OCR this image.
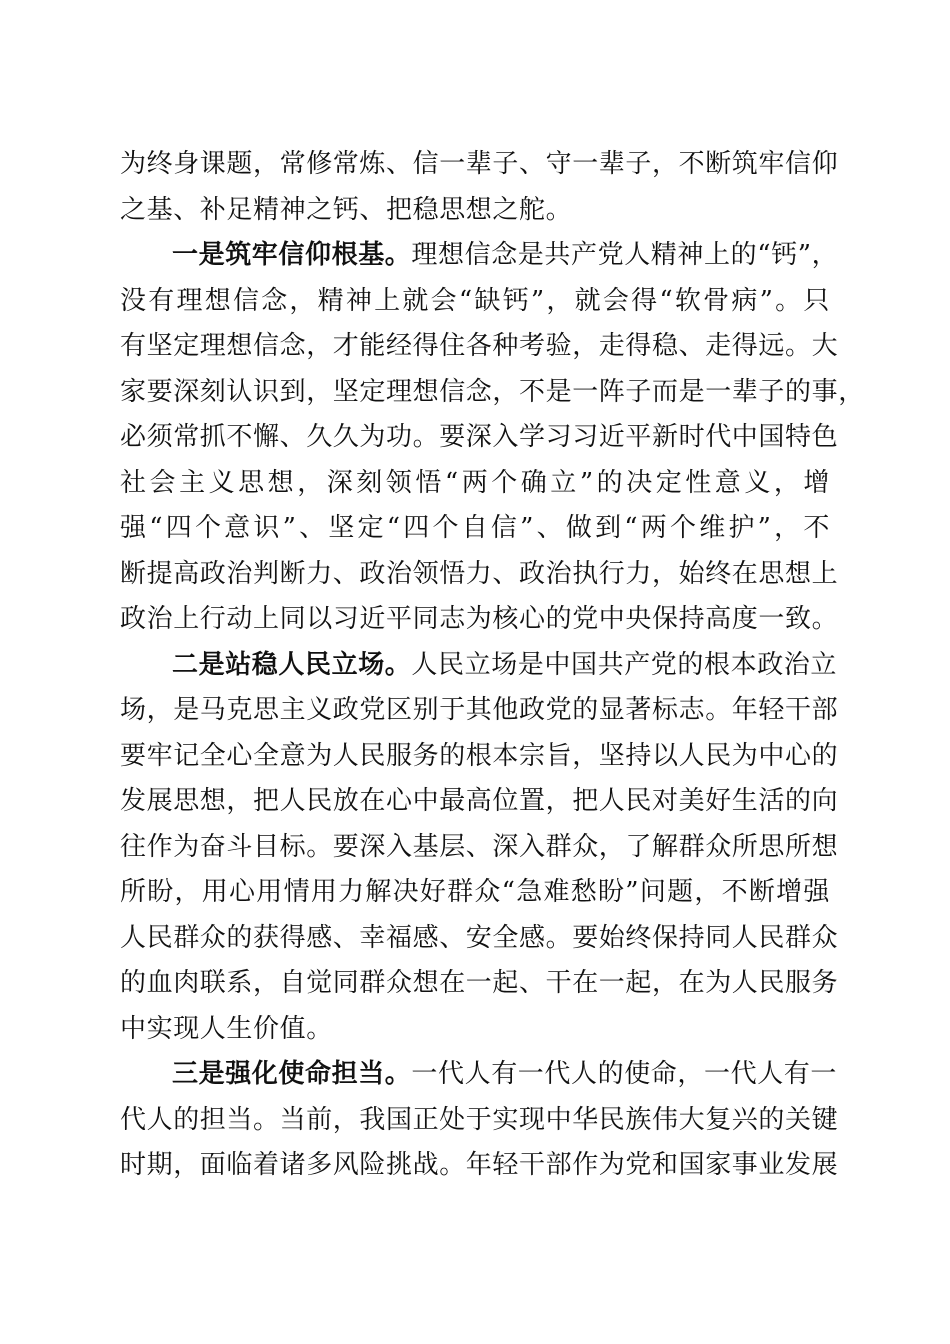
为终身课题，常修常炼、信一辈子、守一辈子，不断筑牢信仰
之基、补足精神之钙、把稳思想之舵。
一是筑牢信仰根基。理想信念是共产党人精神上的“钙”，
没有理想信念，精神上就会“缺钙”，就会得“软骨病”。只
有坚定理想信念，才能经得住各种考验，走得稳、走得远。大
家要深刻认识到，坚定理想信念，不是一阵子而是一辈子的事，
必须常抓不懈、久久为功。要深入学习习近平新时代中国特色
社会主义思想，深刻领悟“两个确立”的决定性意义，增
强“四个意识”、坚定“四个自信”、做到“两个维护”，不
断提高政治判断力、政治领悟力、政治执行力，始终在思想上
政治上行动上同以习近平同志为核心的党中央保持高度一致。
二是站稳人民立场。人民立场是中国共产党的根本政治立
场，是马克思主义政党区别于其他政党的显著标志。年轻干部
要牢记全心全意为人民服务的根本宗旨，坚持以人民为中心的
发展思想，把人民放在心中最高位置，把人民对美好生活的向
往作为奋斗目标。要深入基层、深入群众，了解群众所思所想
所盼，用心用情用力解决好群众“急难愁盼”问题，不断增强
人民群众的获得感、幸福感、安全感。要始终保持同人民群众
的血肉联系，自觉同群众想在一起、干在一起，在为人民服务
中实现人生价值。
三是强化使命担当。一代人有一代人的使命，一代人有一
代人的担当。当前，我国正处于实现中华民族伟大复兴的关键
时期，面临着诸多风险挑战。年轻干部作为党和国家事业发展
